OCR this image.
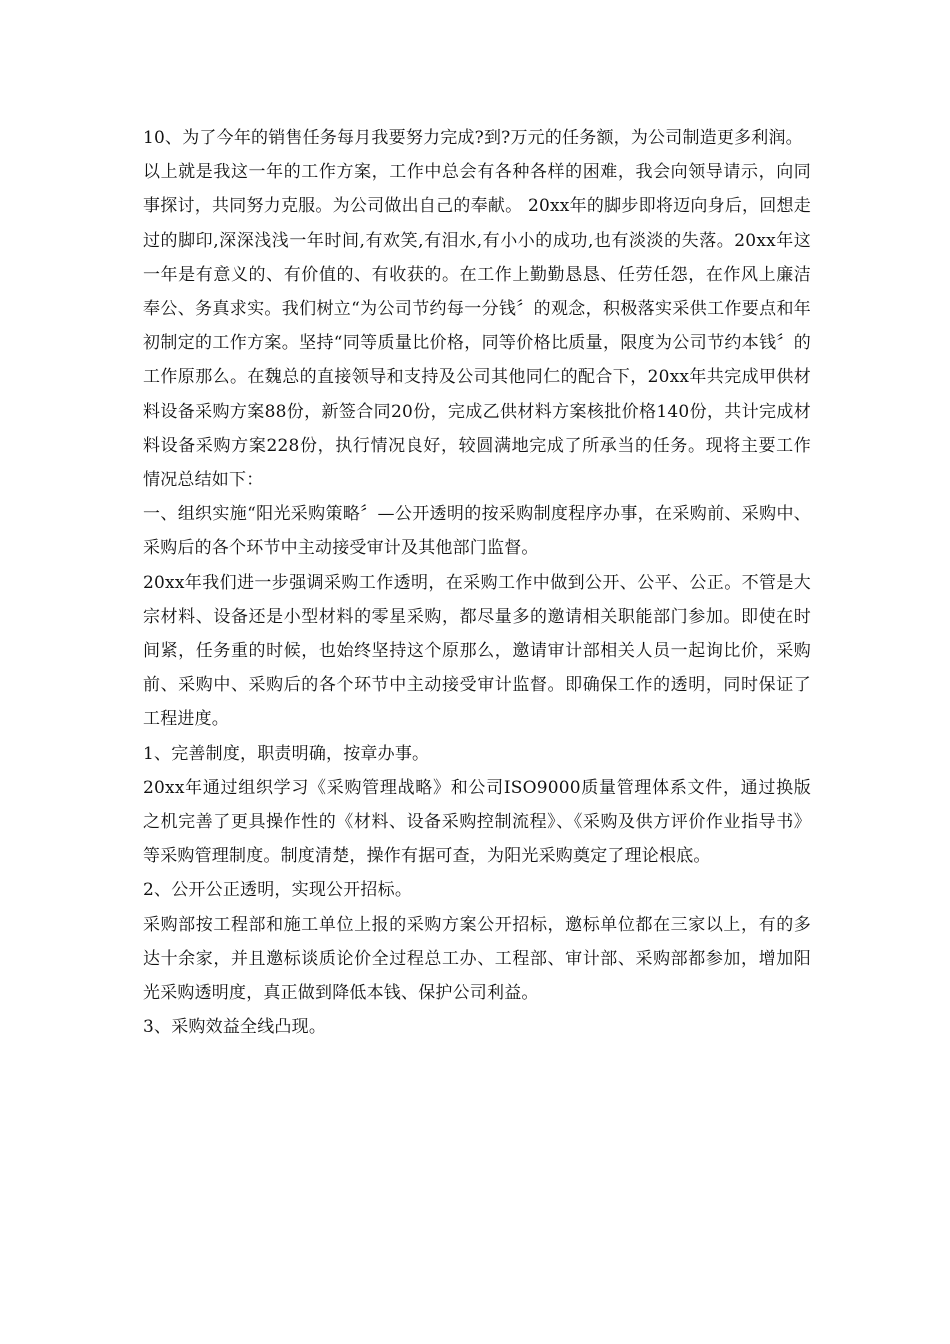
10、为了今年的销售任务每月我要努力完成?到?万元的任务额，为公司制造更多利润。

以上就是我这一年的工作方案，工作中总会有各种各样的困难，我会向领导请示，向同事探讨，共同努力克服。为公司做出自己的奉献。 20xx年的脚步即将迈向身后，回想走过的脚印,深深浅浅一年时间,有欢笑,有泪水,有小小的成功,也有淡淡的失落。20xx年这一年是有意义的、有价值的、有收获的。在工作上勤勤恳恳、任劳任怨，在作风上廉洁奉公、务真求实。我们树立“为公司节约每一分钱〞的观念，积极落实采供工作要点和年初制定的工作方案。坚持“同等质量比价格，同等价格比质量，限度为公司节约本钱〞的工作原那么。在魏总的直接领导和支持及公司其他同仁的配合下，20xx年共完成甲供材料设备采购方案88份，新签合同20份，完成乙供材料方案核批价格140份，共计完成材料设备采购方案228份，执行情况良好，较圆满地完成了所承当的任务。现将主要工作情况总结如下：

一、组织实施“阳光采购策略〞—公开透明的按采购制度程序办事，在采购前、采购中、采购后的各个环节中主动接受审计及其他部门监督。

20xx年我们进一步强调采购工作透明，在采购工作中做到公开、公平、公正。不管是大宗材料、设备还是小型材料的零星采购，都尽量多的邀请相关职能部门参加。即使在时间紧，任务重的时候，也始终坚持这个原那么，邀请审计部相关人员一起询比价，采购前、采购中、采购后的各个环节中主动接受审计监督。即确保工作的透明，同时保证了工程进度。

1、完善制度，职责明确，按章办事。

20xx年通过组织学习《采购管理战略》和公司ISO9000质量管理体系文件，通过换版之机完善了更具操作性的《材料、设备采购控制流程》、《采购及供方评价作业指导书》等采购管理制度。制度清楚，操作有据可查，为阳光采购奠定了理论根底。

2、公开公正透明，实现公开招标。

采购部按工程部和施工单位上报的采购方案公开招标，邀标单位都在三家以上，有的多达十余家，并且邀标谈质论价全过程总工办、工程部、审计部、采购部都参加，增加阳光采购透明度，真正做到降低本钱、保护公司利益。

3、采购效益全线凸现。
